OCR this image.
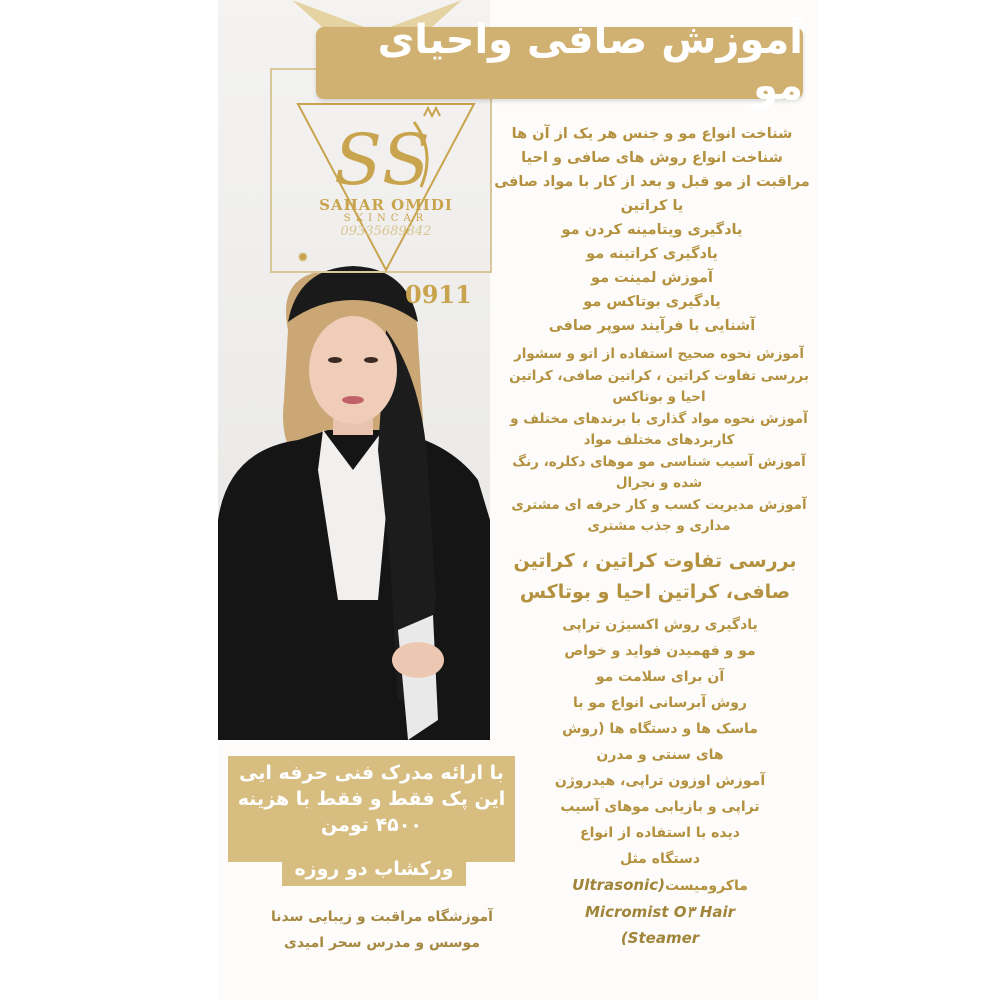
S S
SAHAR OMIDI
SKINCAR
09335689842
✹
0911
آموزش صافی واحیای مو
شناخت انواع مو و جنس هر یک از آن ها
شناخت انواع روش های صافی و احیا
مراقبت از مو قبل و بعد از کار با مواد صافی
یا کراتین
یادگیری ویتامینه کردن مو
یادگیری کراتینه مو
آموزش لمینت مو
یادگیری بوتاکس مو
آشنایی با فرآیند سوپر صافی
آموزش نحوه صحیح استفاده از اتو و سشوار
بررسی تفاوت کراتین ، کراتین صافی، کراتین
احیا و بوتاکس
آموزش نحوه مواد گذاری با برندهای مختلف و
کاربردهای مختلف مواد
آموزش آسیب شناسی مو موهای دکلره، رنگ
شده و نجرال
آموزش مدیریت کسب و کار حرفه ای مشتری
مداری و جذب مشتری
بررسی تفاوت کراتین ، کراتین
صافی، کراتین احیا و بوتاکس
یادگیری روش اکسیژن تراپی
مو و فهمیدن فواید و خواص
آن برای سلامت مو
روش آبرسانی انواع مو با
ماسک ها و دستگاه ها (روش
های سنتی و مدرن
آموزش اوزون تراپی، هیدروژن
تراپی و بازیابی موهای آسیب
دیده با استفاده از انواع
دستگاه مثل
ماکرومیستUltrasonic)
Micromist O۳ Hair
(Steamer
با ارائه مدرک فنی حرفه ایی
این پک فقط و فقط با هزینه
۴۵۰۰ تومن
ورکشاب دو روزه
آموزشگاه مراقبت و زیبایی سدنا
موسس و مدرس سحر امیدی
